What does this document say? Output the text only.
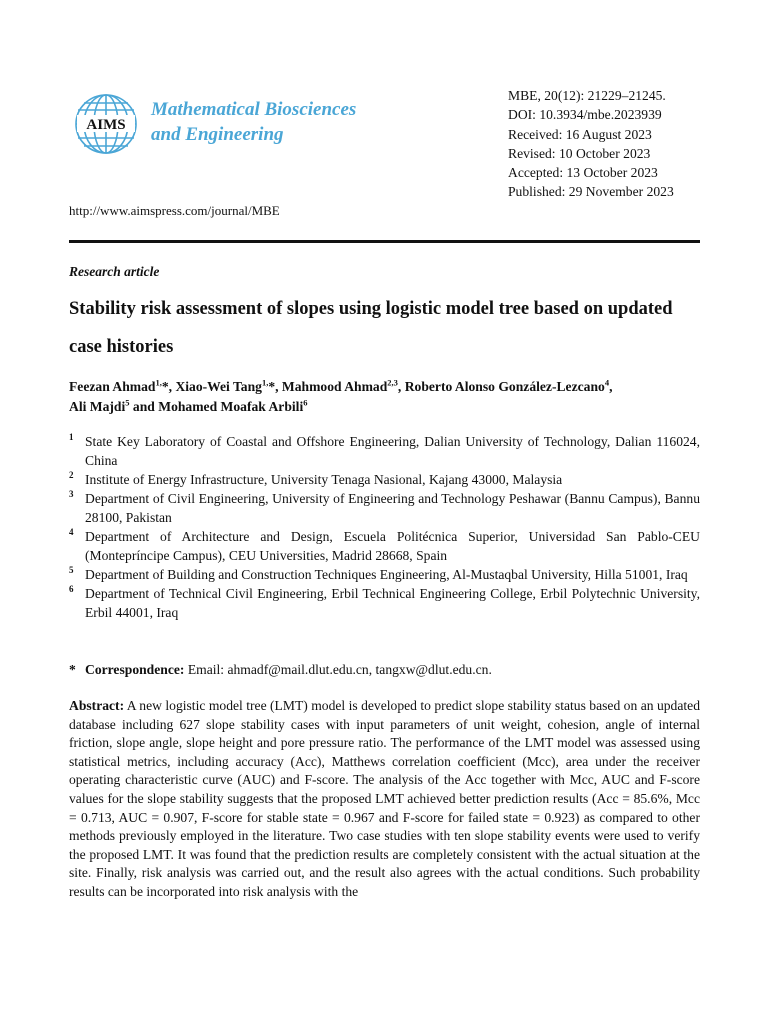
AIMS
Mathematical Biosciences
and Engineering
MBE, 20(12): 21229–21245.
DOI: 10.3934/mbe.2023939
Received: 16 August 2023
Revised: 10 October 2023
Accepted: 13 October 2023
Published: 29 November 2023
http://www.aimspress.com/journal/MBE
Research article
Stability risk assessment of slopes using logistic model tree based on updated case histories
Feezan Ahmad$^{1,}$*, Xiao-Wei Tang$^{1,}$*, Mahmood Ahmad$^{2,3}$, Roberto Alonso González-Lezcano$^4$,
Ali Majdi$^5$ and Mohamed Moafak Arbili$^6$
1 State Key Laboratory of Coastal and Offshore Engineering, Dalian University of Technology, Dalian 116024, China
2 Institute of Energy Infrastructure, University Tenaga Nasional, Kajang 43000, Malaysia
3 Department of Civil Engineering, University of Engineering and Technology Peshawar (Bannu Campus), Bannu 28100, Pakistan
4 Department of Architecture and Design, Escuela Politécnica Superior, Universidad San Pablo-CEU (Montepríncipe Campus), CEU Universities, Madrid 28668, Spain
5 Department of Building and Construction Techniques Engineering, Al-Mustaqbal University, Hilla 51001, Iraq
6 Department of Technical Civil Engineering, Erbil Technical Engineering College, Erbil Polytechnic University, Erbil 44001, Iraq
* Correspondence: Email: ahmadf@mail.dlut.edu.cn, tangxw@dlut.edu.cn.
Abstract: A new logistic model tree (LMT) model is developed to predict slope stability status based on an updated database including 627 slope stability cases with input parameters of unit weight, cohesion, angle of internal friction, slope angle, slope height and pore pressure ratio. The performance of the LMT model was assessed using statistical metrics, including accuracy (Acc), Matthews correlation coefficient (Mcc), area under the receiver operating characteristic curve (AUC) and F-score. The analysis of the Acc together with Mcc, AUC and F-score values for the slope stability suggests that the proposed LMT achieved better prediction results (Acc = 85.6%, Mcc = 0.713, AUC = 0.907, F-score for stable state = 0.967 and F-score for failed state = 0.923) as compared to other methods previously employed in the literature. Two case studies with ten slope stability events were used to verify the proposed LMT. It was found that the prediction results are completely consistent with the actual situation at the site. Finally, risk analysis was carried out, and the result also agrees with the actual conditions. Such probability results can be incorporated into risk analysis with the
